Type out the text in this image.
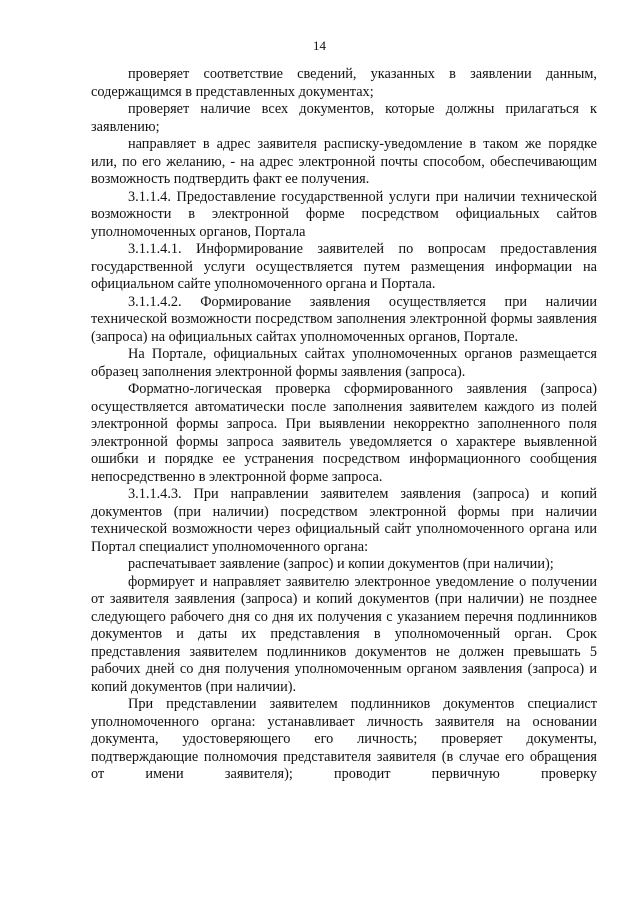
14

проверяет соответствие сведений, указанных в заявлении данным, содержащимся в представленных документах;

проверяет наличие всех документов, которые должны прилагаться к заявлению;

направляет в адрес заявителя расписку-уведомление в таком же порядке или, по его желанию, - на адрес электронной почты способом, обеспечивающим возможность подтвердить факт ее получения.

3.1.1.4. Предоставление государственной услуги при наличии технической возможности в электронной форме посредством официальных сайтов уполномоченных органов, Портала

3.1.1.4.1. Информирование заявителей по вопросам предоставления государственной услуги осуществляется путем размещения информации на официальном сайте уполномоченного органа и Портала.

3.1.1.4.2. Формирование заявления осуществляется при наличии технической возможности посредством заполнения электронной формы заявления (запроса) на официальных сайтах уполномоченных органов, Портале.

На Портале, официальных сайтах уполномоченных органов размещается образец заполнения электронной формы заявления (запроса).

Форматно-логическая проверка сформированного заявления (запроса) осуществляется автоматически после заполнения заявителем каждого из полей электронной формы запроса. При выявлении некорректно заполненного поля электронной формы запроса заявитель уведомляется о характере выявленной ошибки и порядке ее устранения посредством информационного сообщения непосредственно в электронной форме запроса.

3.1.1.4.3. При направлении заявителем заявления (запроса) и копий документов (при наличии) посредством электронной формы при наличии технической возможности через официальный сайт уполномоченного органа или Портал специалист уполномоченного органа:

распечатывает заявление (запрос) и копии документов (при наличии);

формирует и направляет заявителю электронное уведомление о получении от заявителя заявления (запроса) и копий документов (при наличии) не позднее следующего рабочего дня со дня их получения с указанием перечня подлинников документов и даты их представления в уполномоченный орган. Срок представления заявителем подлинников документов не должен превышать 5 рабочих дней со дня получения уполномоченным органом заявления (запроса) и копий документов (при наличии).

При представлении заявителем подлинников документов специалист уполномоченного органа: устанавливает личность заявителя на основании документа, удостоверяющего его личность; проверяет документы, подтверждающие полномочия представителя заявителя (в случае его обращения от имени заявителя); проводит первичную проверку
